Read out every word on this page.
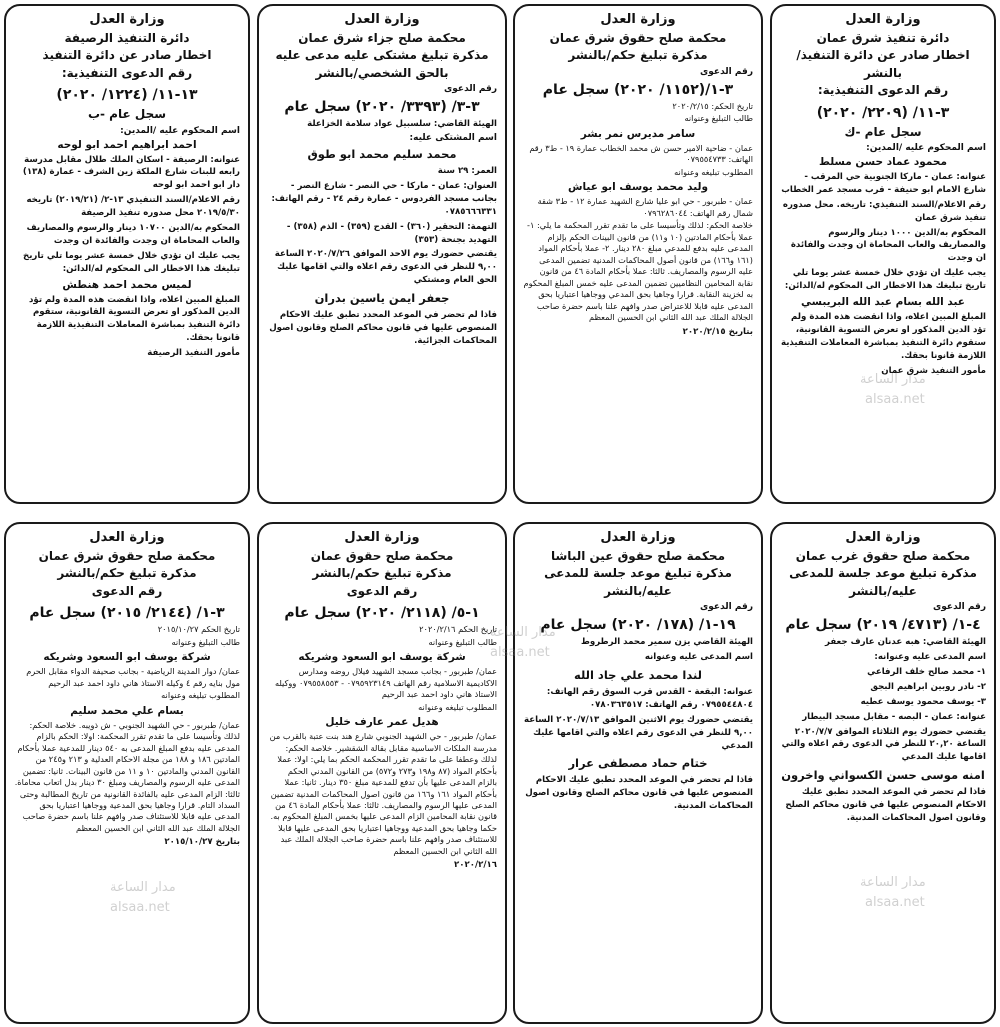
وزارة العدل
دائرة تنفيذ شرق عمان
اخطار صادر عن دائرة التنفيذ/بالنشر
رقم الدعوى التنفيذية:
٣-١١/ (٢٢٠٩/ ٢٠٢٠)
سجل عام -ك
اسم المحكوم عليه /المدين:
محمود عماد حسن مسلط
عنوانه: عمان - ماركا الجنوبية حي المرقب - شارع الامام ابو حنيفة - قرب مسجد عمر الخطاب
رقم الاعلام/السند التنفيذي: تاريخه. محل صدوره تنفيذ شرق عمان
المحكوم به/الدين ١٠٠٠ دينار والرسوم والمصاريف والعاب المحاماة ان وجدت والفائدة ان وجدت
يجب عليك ان تؤدي خلال خمسة عشر يوما تلي تاريخ تبليغك هذا الاخطار الى المحكوم له/الدائن:
عبد الله بسام عبد الله البريبسي
المبلغ المبين اعلاه، واذا انقضت هذه المدة ولم تؤد الدين المذكور او تعرض التسوية القانونية، ستقوم دائرة التنفيذ بمباشرة المعاملات التنفيذية اللازمة قانونا بحقك.
مأمور التنفيذ شرق عمان
وزارة العدل
محكمة صلح حقوق شرق عمان
مذكرة تبليغ حكم/بالنشر
رقم الدعوى
٣-١/(١١٥٢/ ٢٠٢٠) سجل عام
تاريخ الحكم: ٢٠٢٠/٢/١٥
طالب التبليغ وعنوانه
سامر مديرس نمر بشر
عمان - ضاحية الامير حسن ش محمد الخطاب عمارة ١٩ - ط٣ رقم الهاتف: ٠٧٩٥٥٤٧٣٣
المطلوب تبليغه وعنوانه
وليد محمد يوسف ابو عياش
عمان - طبربور - حي ابو عليا شارع الشهيد عمارة ١٢ - ط٣ شقة شمال رقم الهاتف: ٠٧٩٦٢٨٦٠٤٤
خلاصة الحكم: لذلك وتأسيسا على ما تقدم تقرر المحكمة ما يلي: ١- عملا بأحكام المادتين (١٠ و١١) من قانون البينات الحكم بإلزام المدعى عليه بدفع للمدعي مبلغ ٢٨٠ دينار. ٢- عملا بأحكام المواد (١٦١ و١٦٦) من قانون أصول المحاكمات المدنية تضمين المدعى عليه الرسوم والمصاريف. ثالثا: عملا بأحكام المادة ٤٦ من قانون نقابة المحامين النظاميين تضمين المدعى عليه خمس المبلغ المحكوم به لخزينة النقابة. قرارا وجاهيا بحق المدعي ووجاهيا اعتباريا بحق المدعى عليه قابلا للاعتراض صدر وافهم علنا باسم حضرة صاحب الجلالة الملك عبد الله الثاني ابن الحسين المعظم
بتاريخ ٢٠٢٠/٢/١٥
وزارة العدل
محكمة صلح جزاء شرق عمان
مذكرة تبليغ مشتكى عليه مدعى عليه بالحق الشخصي/بالنشر
رقم الدعوى
٣-٣/ (٣٣٩٣/ ٢٠٢٠) سجل عام
الهيئة القاضي: سلسبيل عواد سلامة الخزاعلة
اسم المشتكى عليه:
محمد سليم محمد ابو طوق
العمر: ٢٩ سنة
العنوان: عمان - ماركا - حي النصر - شارع النصر - بجانب مسجد الفردوس - عمارة رقم ٢٤ - رقم الهاتف: ٠٧٨٥٦٦٦٣٣١
التهمة: التحقير (٣٦٠) - القدح (٣٥٩) - الذم (٣٥٨) - التهديد بجنحة (٣٥٣)
يقتضي حضورك يوم الاحد الموافق ٢٠٢٠/٧/٢٦ الساعة ٩,٠٠ للنظر في الدعوى رقم اعلاه والتي اقامها عليك الحق العام ومشتكي
جعفر ايمن ياسين بدران
فاذا لم تحضر في الموعد المحدد تطبق عليك الاحكام المنصوص عليها في قانون محاكم الصلح وقانون اصول المحاكمات الجزائية.
وزارة العدل
دائرة التنفيذ الرصيفة
اخطار صادر عن دائرة التنفيذ
رقم الدعوى التنفيذية:
١٣-١١/ (١٢٢٤/ ٢٠٢٠)
سجل عام -ب
اسم المحكوم عليه /المدين:
احمد ابراهيم احمد ابو لوحه
عنوانه: الرصيفة - اسكان الملك طلال مقابل مدرسة رابعه للبنات شارع الملكة زين الشرف - عمارة (١٣٨) دار ابو احمد ابو لوحه
رقم الاعلام/السند التنفيذي ١٣-٢/ (٢٠١٩/٢١) تاريخه ٢٠١٩/٥/٣٠ محل صدوره تنفيذ الرصيفة
المحكوم به/الدين ١٠٧٠٠ دينار والرسوم والمصاريف والعاب المحاماة ان وجدت والفائدة ان وجدت
يجب عليك ان تؤدي خلال خمسة عشر يوما تلي تاريخ تبليغك هذا الاخطار الى المحكوم له/الدائن:
لميس محمد احمد هنطش
المبلغ المبين اعلاه، واذا انقضت هذه المدة ولم تؤد الدين المذكور او تعرض التسوية القانونية، ستقوم دائرة التنفيذ بمباشرة المعاملات التنفيذية اللازمة قانونا بحقك.
مأمور التنفيذ الرصيفة
وزارة العدل
محكمة صلح حقوق غرب عمان
مذكرة تبليغ موعد جلسة للمدعى
عليه/بالنشر
رقم الدعوى
٤-١/ (٤٧١٣/ ٢٠١٩) سجل عام
الهيئة القاضي: هبه عدنان عارف جعفر
اسم المدعى عليه وعنوانه:
١- محمد صالح خلف الرفاعي
٢- نادر روبين ابراهيم البجق
٣- يوسف محمود يوسف عطيه
عنوانه: عمان - البصه - مقابل مسجد البيطار
يقتضي حضورك يوم الثلاثاء الموافق ٢٠٢٠/٧/٧ الساعة ٢٠,٢٠ للنظر في الدعوى رقم اعلاه والتي اقامها عليك المدعي
امنه موسى حسن الكسواني واخرون
فاذا لم تحضر في الموعد المحدد تطبق عليك الاحكام المنصوص عليها في قانون محاكم الصلح وقانون اصول المحاكمات المدنية.
وزارة العدل
محكمة صلح حقوق عين الباشا
مذكرة تبليغ موعد جلسة للمدعى
عليه/بالنشر
رقم الدعوى
١٩-١/ (١٧٨/ ٢٠٢٠) سجل عام
الهيئة القاضي يزن سمير محمد الرطروط
اسم المدعى عليه وعنوانه
لندا محمد علي جاد الله
عنوانه: البقعة - القدس قرب السوق رقم الهاتف: ٠٧٩٥٥٤٤٨٠٤ رقم الهاتف: ٠٧٨٠٣٦٣٥١٧
يقتضي حضورك يوم الاثنين الموافق ٢٠٢٠/٧/١٣ الساعة ٩,٠٠ للنظر في الدعوى رقم اعلاه والتي اقامها عليك المدعي
ختام حماد مصطفى عرار
فاذا لم تحضر في الموعد المحدد تطبق عليك الاحكام المنصوص عليها في قانون محاكم الصلح وقانون اصول المحاكمات المدنية.
وزارة العدل
محكمة صلح حقوق عمان
مذكرة تبليغ حكم/بالنشر
رقم الدعوى
١-٥/ (٢١١٨/ ٢٠٢٠) سجل عام
تاريخ الحكم ٢٠٢٠/٢/١٦
طالب التبليغ وعنوانه
شركة يوسف ابو السعود وشريكه
عمان/ طبربور - بجانب مسجد الشهيد فيلال روضه ومدارس الاكاديمية الاسلامية رقم الهاتف ٠٧٩٥٩٢٣١٤٩ - ٠٧٩٥٥٨٥٥٣ ووكيله الاستاذ هاني داود احمد عبد الرحيم
المطلوب تبليغه وعنوانه
هديل عمر عارف خليل
عمان/ طبربور - حي الشهيد الجنوبي شارع هند بنت عتبة بالقرب من مدرسة الملكات الاساسية مقابل بقالة الشقشير. خلاصة الحكم: لذلك وعطفا على ما تقدم تقرر المحكمة الحكم بما يلي: اولا: عملا بأحكام المواد (٨٧ و١٩٨ و٢٧٣ و٥٧٢) من القانون المدني الحكم بالزام المدعى عليها بأن تدفع للمدعية مبلغ ٣٥٠ دينار. ثانيا: عملا بأحكام المواد ١٦١ و١٦٦ من قانون اصول المحاكمات المدنية تضمين المدعى عليها الرسوم والمصاريف. ثالثا: عملا بأحكام المادة ٤٦ من قانون نقابة المحامين الزام المدعى عليها بخمس المبلغ المحكوم به. حكما وجاهيا بحق المدعية ووجاهيا اعتباريا بحق المدعى عليها قابلا للاستئناف صدر وافهم علنا باسم حضرة صاحب الجلالة الملك عبد الله الثاني ابن الحسين المعظم
٢٠٢٠/٢/١٦
وزارة العدل
محكمة صلح حقوق شرق عمان
مذكرة تبليغ حكم/بالنشر
رقم الدعوى
٣-١/ (٢١٤٤/ ٢٠١٥) سجل عام
تاريخ الحكم ٢٠١٥/١٠/٢٧
طالب التبليغ وعنوانه
شركة يوسف ابو السعود وشريكه
عمان/ دوار المدينة الرياضية - بجانب صحيفة الدواء مقابل الحرم مول بنايه رقم ٤ وكيله الاستاذ هاني داود احمد عبد الرحيم
المطلوب تبليغه وعنوانه
بسام علي محمد سليم
عمان/ طبربور - حي الشهيد الجنوبي - ش ذويبه. خلاصة الحكم: لذلك وتأسيسا على ما تقدم تقرر المحكمة: اولا: الحكم بالزام المدعى عليه بدفع المبلغ المدعى به ٥٤٠ دينار للمدعية عملا بأحكام المادتين ١٨٦ و ١٨٨ من مجلة الاحكام العدلية و ٢١٣ و٢٤٥ من القانون المدني والمادتين ١٠ و ١١ من قانون البينات. ثانيا: تضمين المدعى عليه الرسوم والمصاريف ومبلغ ٣٠ دينار بدل اتعاب محاماة. ثالثا: الزام المدعى عليه بالفائدة القانونية من تاريخ المطالبة وحتى السداد التام. قرارا وجاهيا بحق المدعية ووجاهيا اعتباريا بحق المدعى عليه قابلا للاستئناف صدر وافهم علنا باسم حضرة صاحب الجلالة الملك عبد الله الثاني ابن الحسين المعظم
بتاريخ ٢٠١٥/١٠/٢٧
مدار الساعة
alsaa.net
مدار الساعة
alsaa.net
مدار الساعة
alsaa.net
مدار الساعة
alsaa.net
